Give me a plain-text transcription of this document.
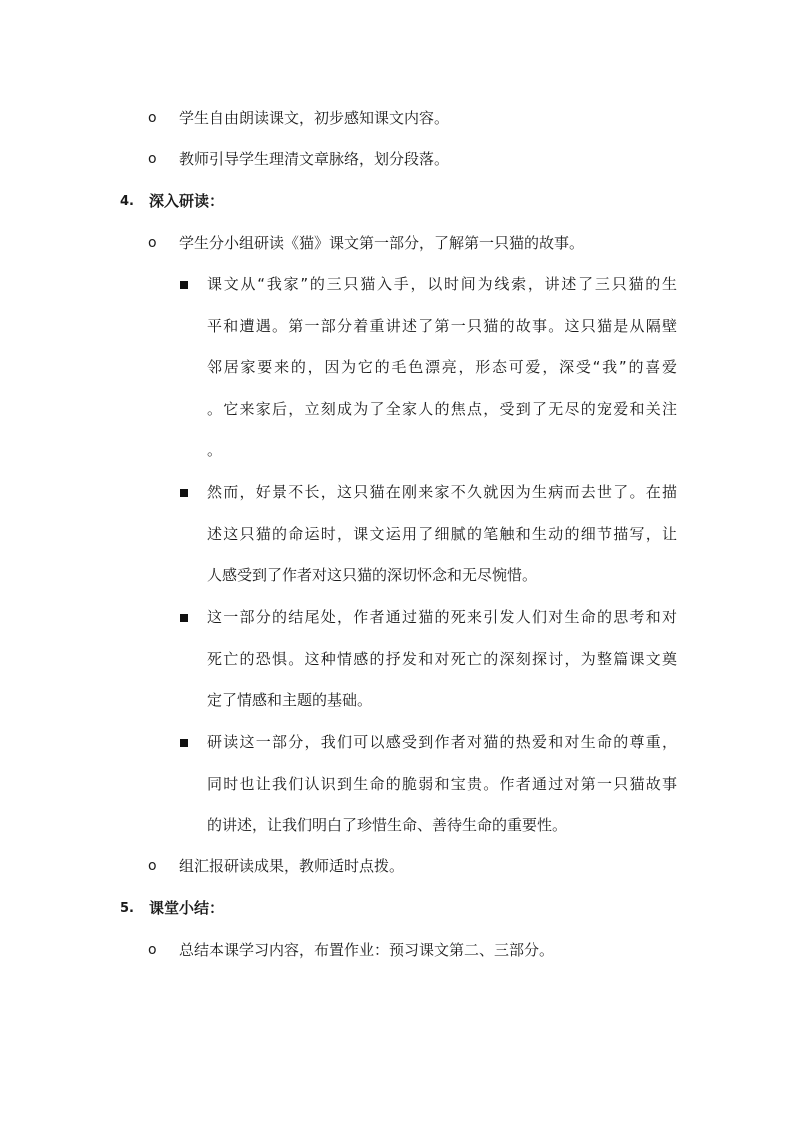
o 学生自由朗读课文，初步感知课文内容。
o 教师引导学生理清文章脉络，划分段落。
4. 深入研读：
o 学生分小组研读《猫》课文第一部分，了解第一只猫的故事。
课文从“我家”的三只猫入手，以时间为线索，讲述了三只猫的生
平和遭遇。第一部分着重讲述了第一只猫的故事。这只猫是从隔壁
邻居家要来的，因为它的毛色漂亮，形态可爱，深受“我”的喜爱
。它来家后，立刻成为了全家人的焦点，受到了无尽的宠爱和关注
。
然而，好景不长，这只猫在刚来家不久就因为生病而去世了。在描
述这只猫的命运时，课文运用了细腻的笔触和生动的细节描写，让
人感受到了作者对这只猫的深切怀念和无尽惋惜。
这一部分的结尾处，作者通过猫的死来引发人们对生命的思考和对
死亡的恐惧。这种情感的抒发和对死亡的深刻探讨，为整篇课文奠
定了情感和主题的基础。
研读这一部分，我们可以感受到作者对猫的热爱和对生命的尊重，
同时也让我们认识到生命的脆弱和宝贵。作者通过对第一只猫故事
的讲述，让我们明白了珍惜生命、善待生命的重要性。
o 组汇报研读成果，教师适时点拨。
5. 课堂小结：
o 总结本课学习内容，布置作业：预习课文第二、三部分。
